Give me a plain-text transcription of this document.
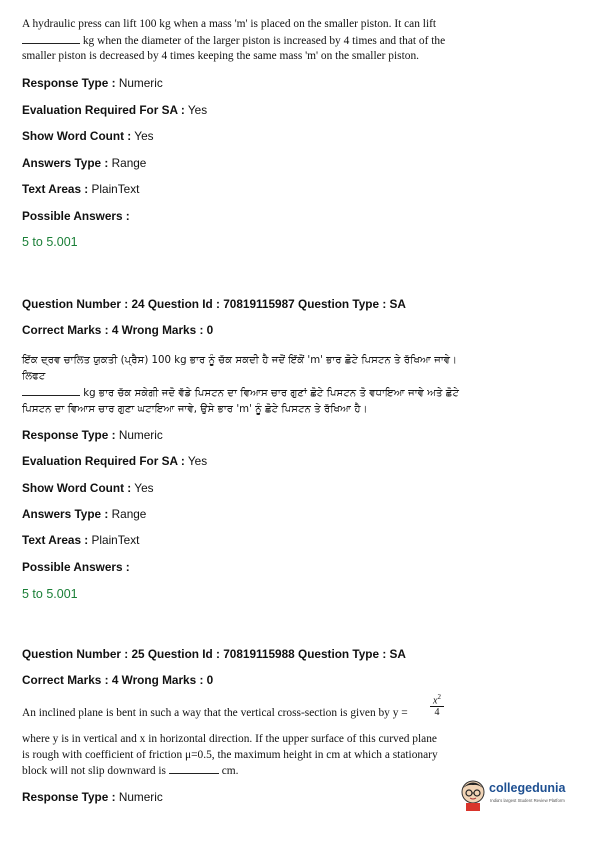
A hydraulic press can lift 100 kg when a mass 'm' is placed on the smaller piston. It can lift
kg when the diameter of the larger piston is increased by 4 times and that of the
smaller piston is decreased by 4 times keeping the same mass 'm' on the smaller piston.
Response Type : Numeric
Evaluation Required For SA : Yes
Show Word Count : Yes
Answers Type : Range
Text Areas : PlainText
Possible Answers :
5 to 5.001
Question Number : 24 Question Id : 70819115987 Question Type : SA
Correct Marks : 4 Wrong Marks : 0
ਇੱਕ ਦ੍ਰਵ ਚਾਲਿਤ ਯੁਕਤੀ (ਪ੍ਰੈਸ) 100 kg ਭਾਰ ਨੂੰ ਚੱਕ ਸਕਦੀ ਹੈ ਜਦੋਂ ਇੱਕੋਂ 'm' ਭਾਰ ਛੋਟੇ ਪਿਸਟਨ ਤੇ ਰੱਖਿਆ ਜਾਵੇ। ਲਿਫਟ
kg ਭਾਰ ਚੱਕ ਸਕੇਗੀ ਜਦੋ ਵੱਡੇ ਪਿਸਟਨ ਦਾ ਵਿਆਸ ਚਾਰ ਗੁਣਾਂ ਛੋਟੇ ਪਿਸਟਨ ਤੋ ਵਧਾਇਆ ਜਾਵੇ ਅਤੇ ਛੋਟੇ
ਪਿਸਟਨ ਦਾ ਵਿਆਸ ਚਾਰ ਗੁਣਾ ਘਟਾਇਆ ਜਾਵੇ, ਉਸੇ ਭਾਰ 'm' ਨੂੰ ਛੋਟੇ ਪਿਸਟਨ ਤੇ ਰੱਖਿਆ ਹੈ।
Response Type : Numeric
Evaluation Required For SA : Yes
Show Word Count : Yes
Answers Type : Range
Text Areas : PlainText
Possible Answers :
5 to 5.001
Question Number : 25 Question Id : 70819115988 Question Type : SA
Correct Marks : 4 Wrong Marks : 0
An inclined plane is bent in such a way that the vertical cross-section is given by y =	$\frac{x^2}{4}$
where y is in vertical and x in horizontal direction. If the upper surface of this curved plane
is rough with coefficient of friction μ=0.5, the maximum height in cm at which a stationary
block will not slip downward is	cm.
Response Type : Numeric
collegedunia
India's largest Student Review Platform
